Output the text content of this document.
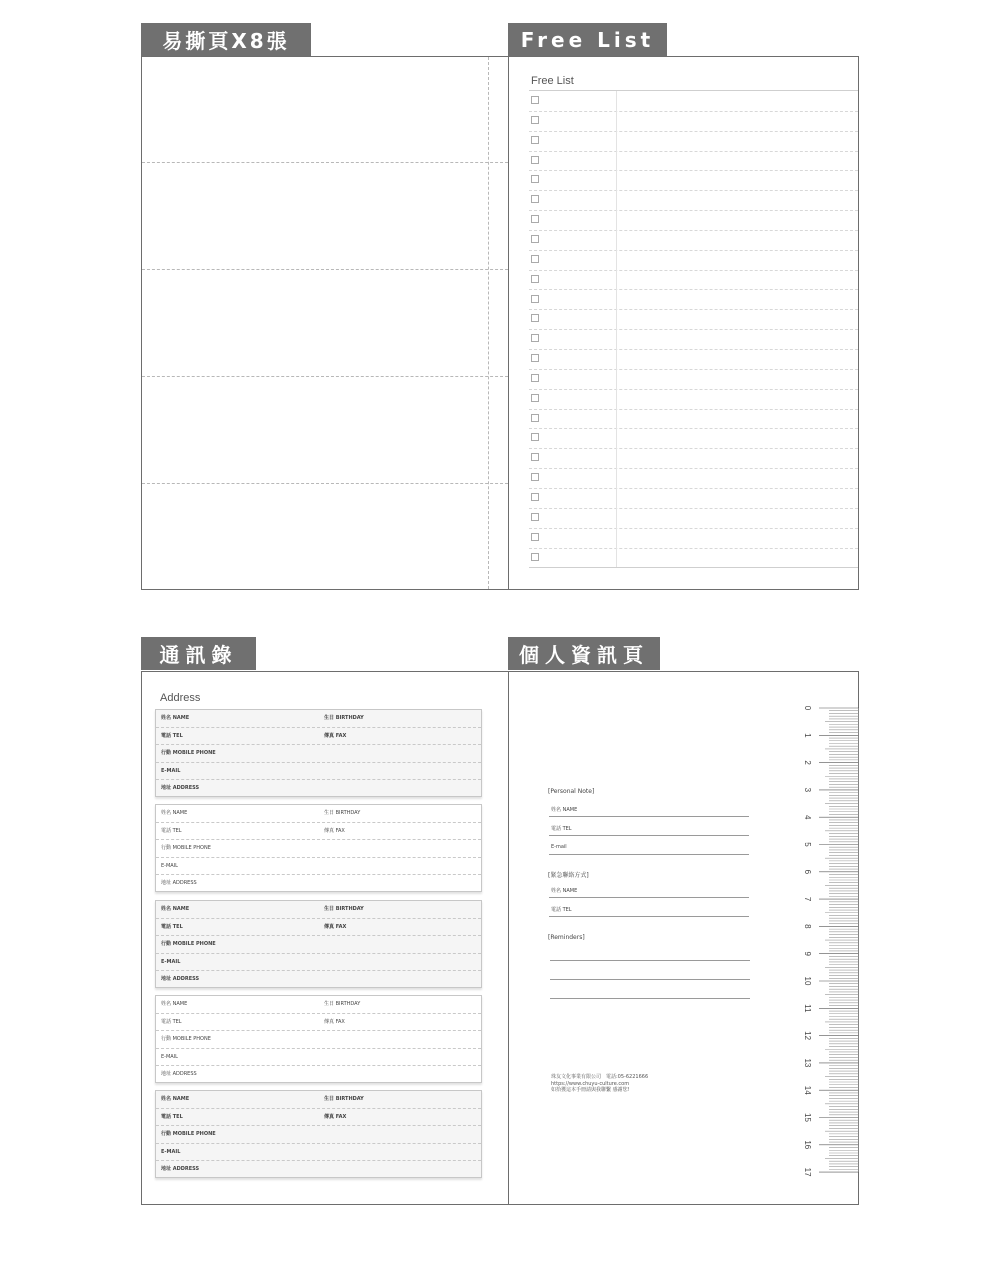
易撕頁X8張	Free List
通訊錄	個人資訊頁
Free List
Address
姓名 NAME	生日 BIRTHDAY
電話 TEL	傳真 FAX
行動 MOBILE PHONE
E-MAIL
地址 ADDRESS
姓名 NAME	生日 BIRTHDAY
電話 TEL	傳真 FAX
行動 MOBILE PHONE
E-MAIL
地址 ADDRESS
姓名 NAME	生日 BIRTHDAY
電話 TEL	傳真 FAX
行動 MOBILE PHONE
E-MAIL
地址 ADDRESS
姓名 NAME	生日 BIRTHDAY
電話 TEL	傳真 FAX
行動 MOBILE PHONE
E-MAIL
地址 ADDRESS
姓名 NAME	生日 BIRTHDAY
電話 TEL	傳真 FAX
行動 MOBILE PHONE
E-MAIL
地址 ADDRESS
[Personal Note]
姓名 NAME
電話 TEL
E-mail
[緊急聯絡方式]
姓名 NAME
電話 TEL
[Reminders]
珠友文化事業有限公司　電話:05-6221666
https://www.chuyu-culture.com
如拾獲這本手冊請與我聯繫 感謝您!
0
1
2
3
4
5
6
7
8
9
10
11
12
13
14
15
16
17
